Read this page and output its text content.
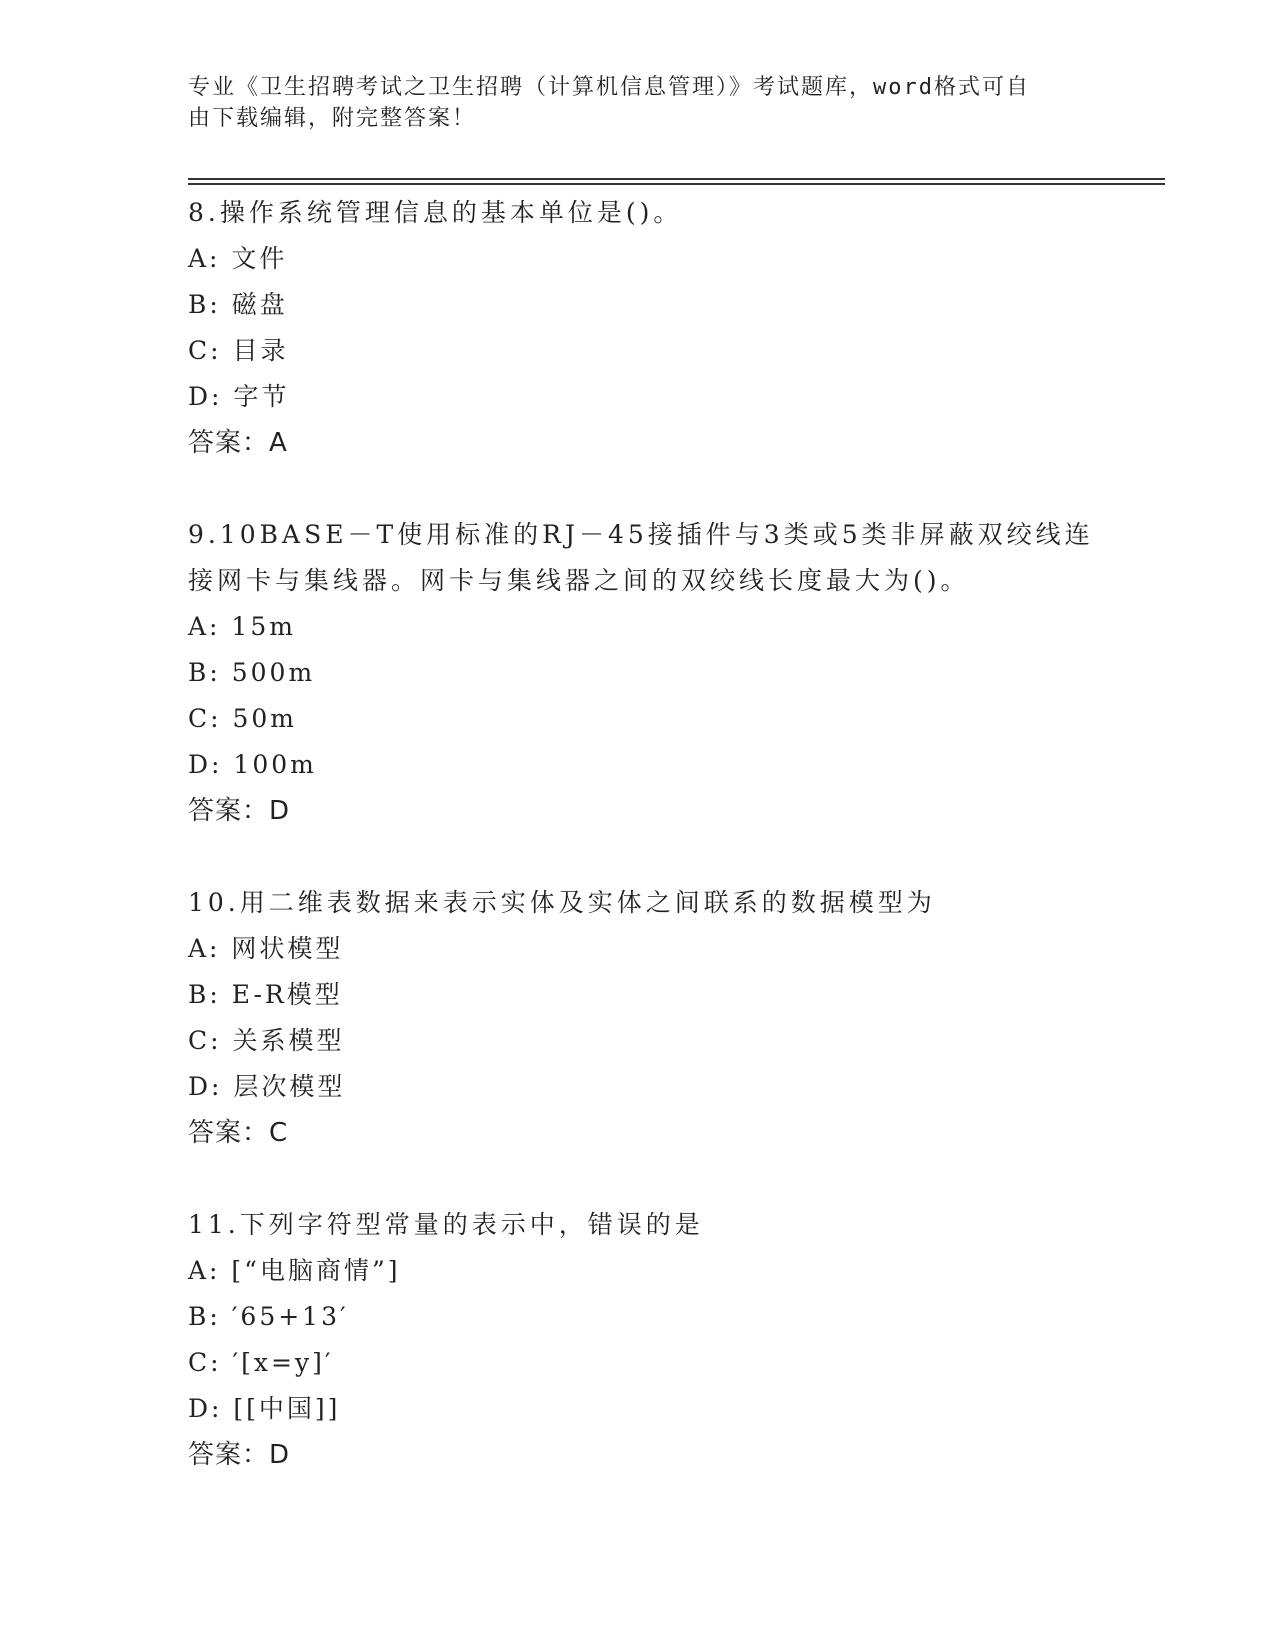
专业《卫生招聘考试之卫生招聘（计算机信息管理）》考试题库，word格式可自
由下载编辑，附完整答案！

8.操作系统管理信息的基本单位是()。

A: 文件

B: 磁盘

C: 目录

D: 字节

答案：A

9.10BASE－T使用标准的RJ－45接插件与3类或5类非屏蔽双绞线连

接网卡与集线器。网卡与集线器之间的双绞线长度最大为()。

A: 15m

B: 500m

C: 50m

D: 100m

答案：D

10.用二维表数据来表示实体及实体之间联系的数据模型为

A: 网状模型

B: E-R模型

C: 关系模型

D: 层次模型

答案：C

11.下列字符型常量的表示中，错误的是

A: [“电脑商情”]

B: ′65+13′

C: ′[x=y]′

D: [[中国]]

答案：D
